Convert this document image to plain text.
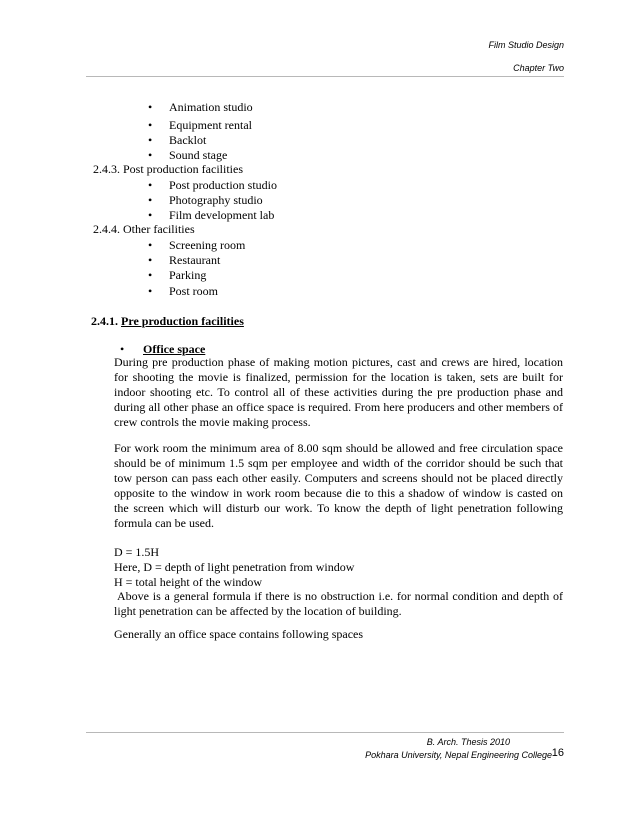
Film Studio Design
Chapter Two
• Animation studio
• Equipment rental
• Backlot
• Sound stage
2.4.3. Post production facilities
• Post production studio
• Photography studio
• Film development lab
2.4.4. Other facilities
• Screening room
• Restaurant
• Parking
• Post room
2.4.1. Pre production facilities
• Office space
During pre production phase of making motion pictures, cast and crews are hired, location for shooting the movie is finalized, permission for the location is taken, sets are built for indoor shooting etc. To control all of these activities during the pre production phase and during all other phase an office space is required. From here producers and other members of crew controls the movie making process.
For work room the minimum area of 8.00 sqm should be allowed and free circulation space should be of minimum 1.5 sqm per employee and width of the corridor should be such that tow person can pass each other easily. Computers and screens should not be placed directly opposite to the window in work room because die to this a shadow of window is casted on the screen which will disturb our work. To know the depth of light penetration following formula can be used.
D = 1.5H
Here, D = depth of light penetration from window
H = total height of the window
Above is a general formula if there is no obstruction i.e. for normal condition and depth of light penetration can be affected by the location of building.
Generally an office space contains following spaces
B. Arch. Thesis 2010
Pokhara University, Nepal Engineering College 16
